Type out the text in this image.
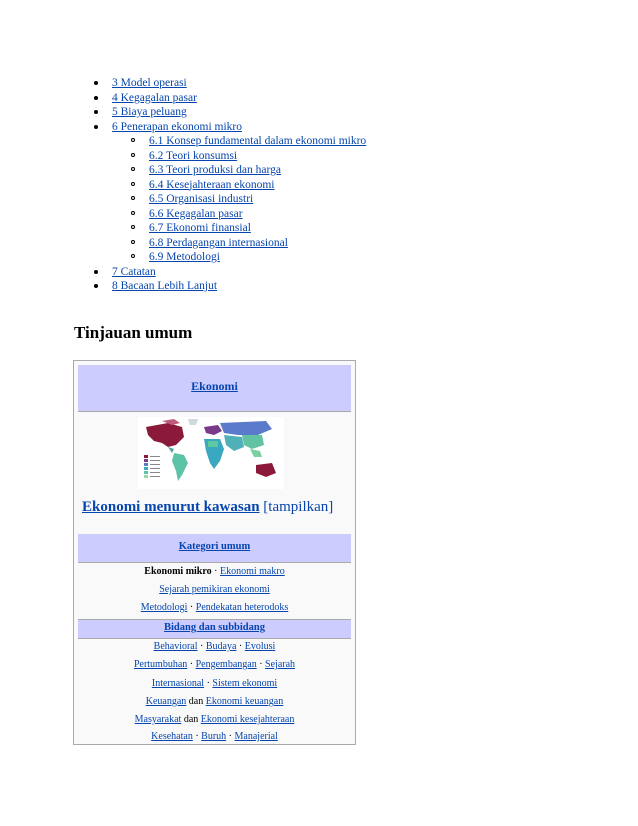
3 Model operasi
4 Kegagalan pasar
5 Biaya peluang
6 Penerapan ekonomi mikro
6.1 Konsep fundamental dalam ekonomi mikro
6.2 Teori konsumsi
6.3 Teori produksi dan harga
6.4 Kesejahteraan ekonomi
6.5 Organisasi industri
6.6 Kegagalan pasar
6.7 Ekonomi finansial
6.8 Perdagangan internasional
6.9 Metodologi
7 Catatan
8 Bacaan Lebih Lanjut
Tinjauan umum
Ekonomi
Ekonomi menurut kawasan [tampilkan]
Kategori umum
Ekonomi mikro · Ekonomi makro
Sejarah pemikiran ekonomi
Metodologi · Pendekatan heterodoks
Bidang dan subbidang
Behavioral · Budaya · Evolusi
Pertumbuhan · Pengembangan · Sejarah
Internasional · Sistem ekonomi
Keuangan dan Ekonomi keuangan
Masyarakat dan Ekonomi kesejahteraan
Kesehatan · Buruh · Manajerial
